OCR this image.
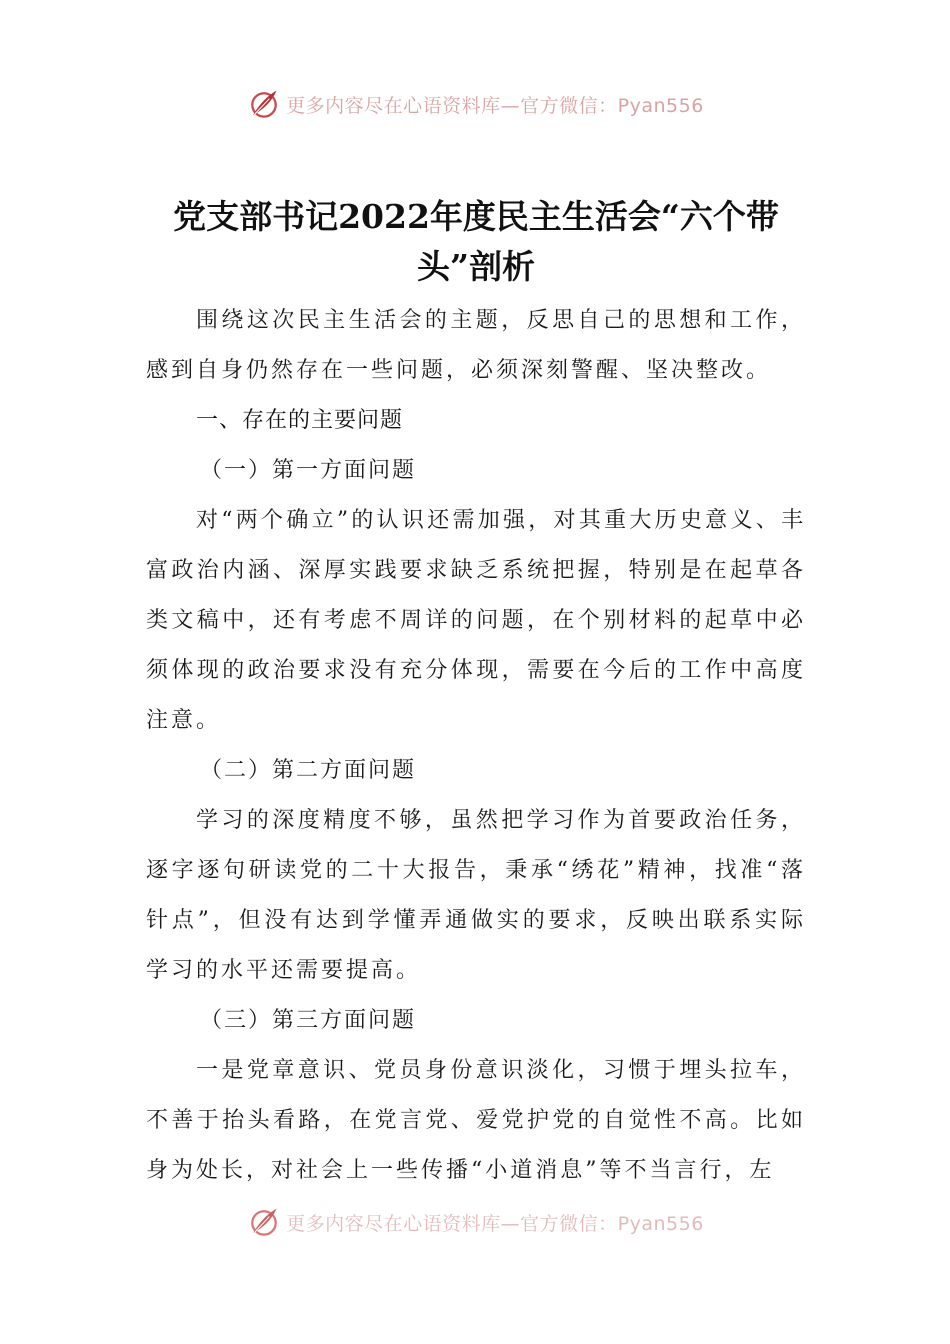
更多内容尽在心语资料库—官方微信：Pyan556
党支部书记2022年度民主生活会“六个带头”剖析

围绕这次民主生活会的主题，反思自己的思想和工作，感到自身仍然存在一些问题，必须深刻警醒、坚决整改。

一、存在的主要问题

（一）第一方面问题

对“两个确立”的认识还需加强，对其重大历史意义、丰富政治内涵、深厚实践要求缺乏系统把握，特别是在起草各类文稿中，还有考虑不周详的问题，在个别材料的起草中必须体现的政治要求没有充分体现，需要在今后的工作中高度注意。

（二）第二方面问题

学习的深度精度不够，虽然把学习作为首要政治任务，逐字逐句研读党的二十大报告，秉承“绣花”精神，找准“落针点”，但没有达到学懂弄通做实的要求，反映出联系实际学习的水平还需要提高。

（三）第三方面问题

一是党章意识、党员身份意识淡化，习惯于埋头拉车，不善于抬头看路，在党言党、爱党护党的自觉性不高。比如身为处长，对社会上一些传播“小道消息”等不当言行，左

更多内容尽在心语资料库—官方微信：Pyan556
